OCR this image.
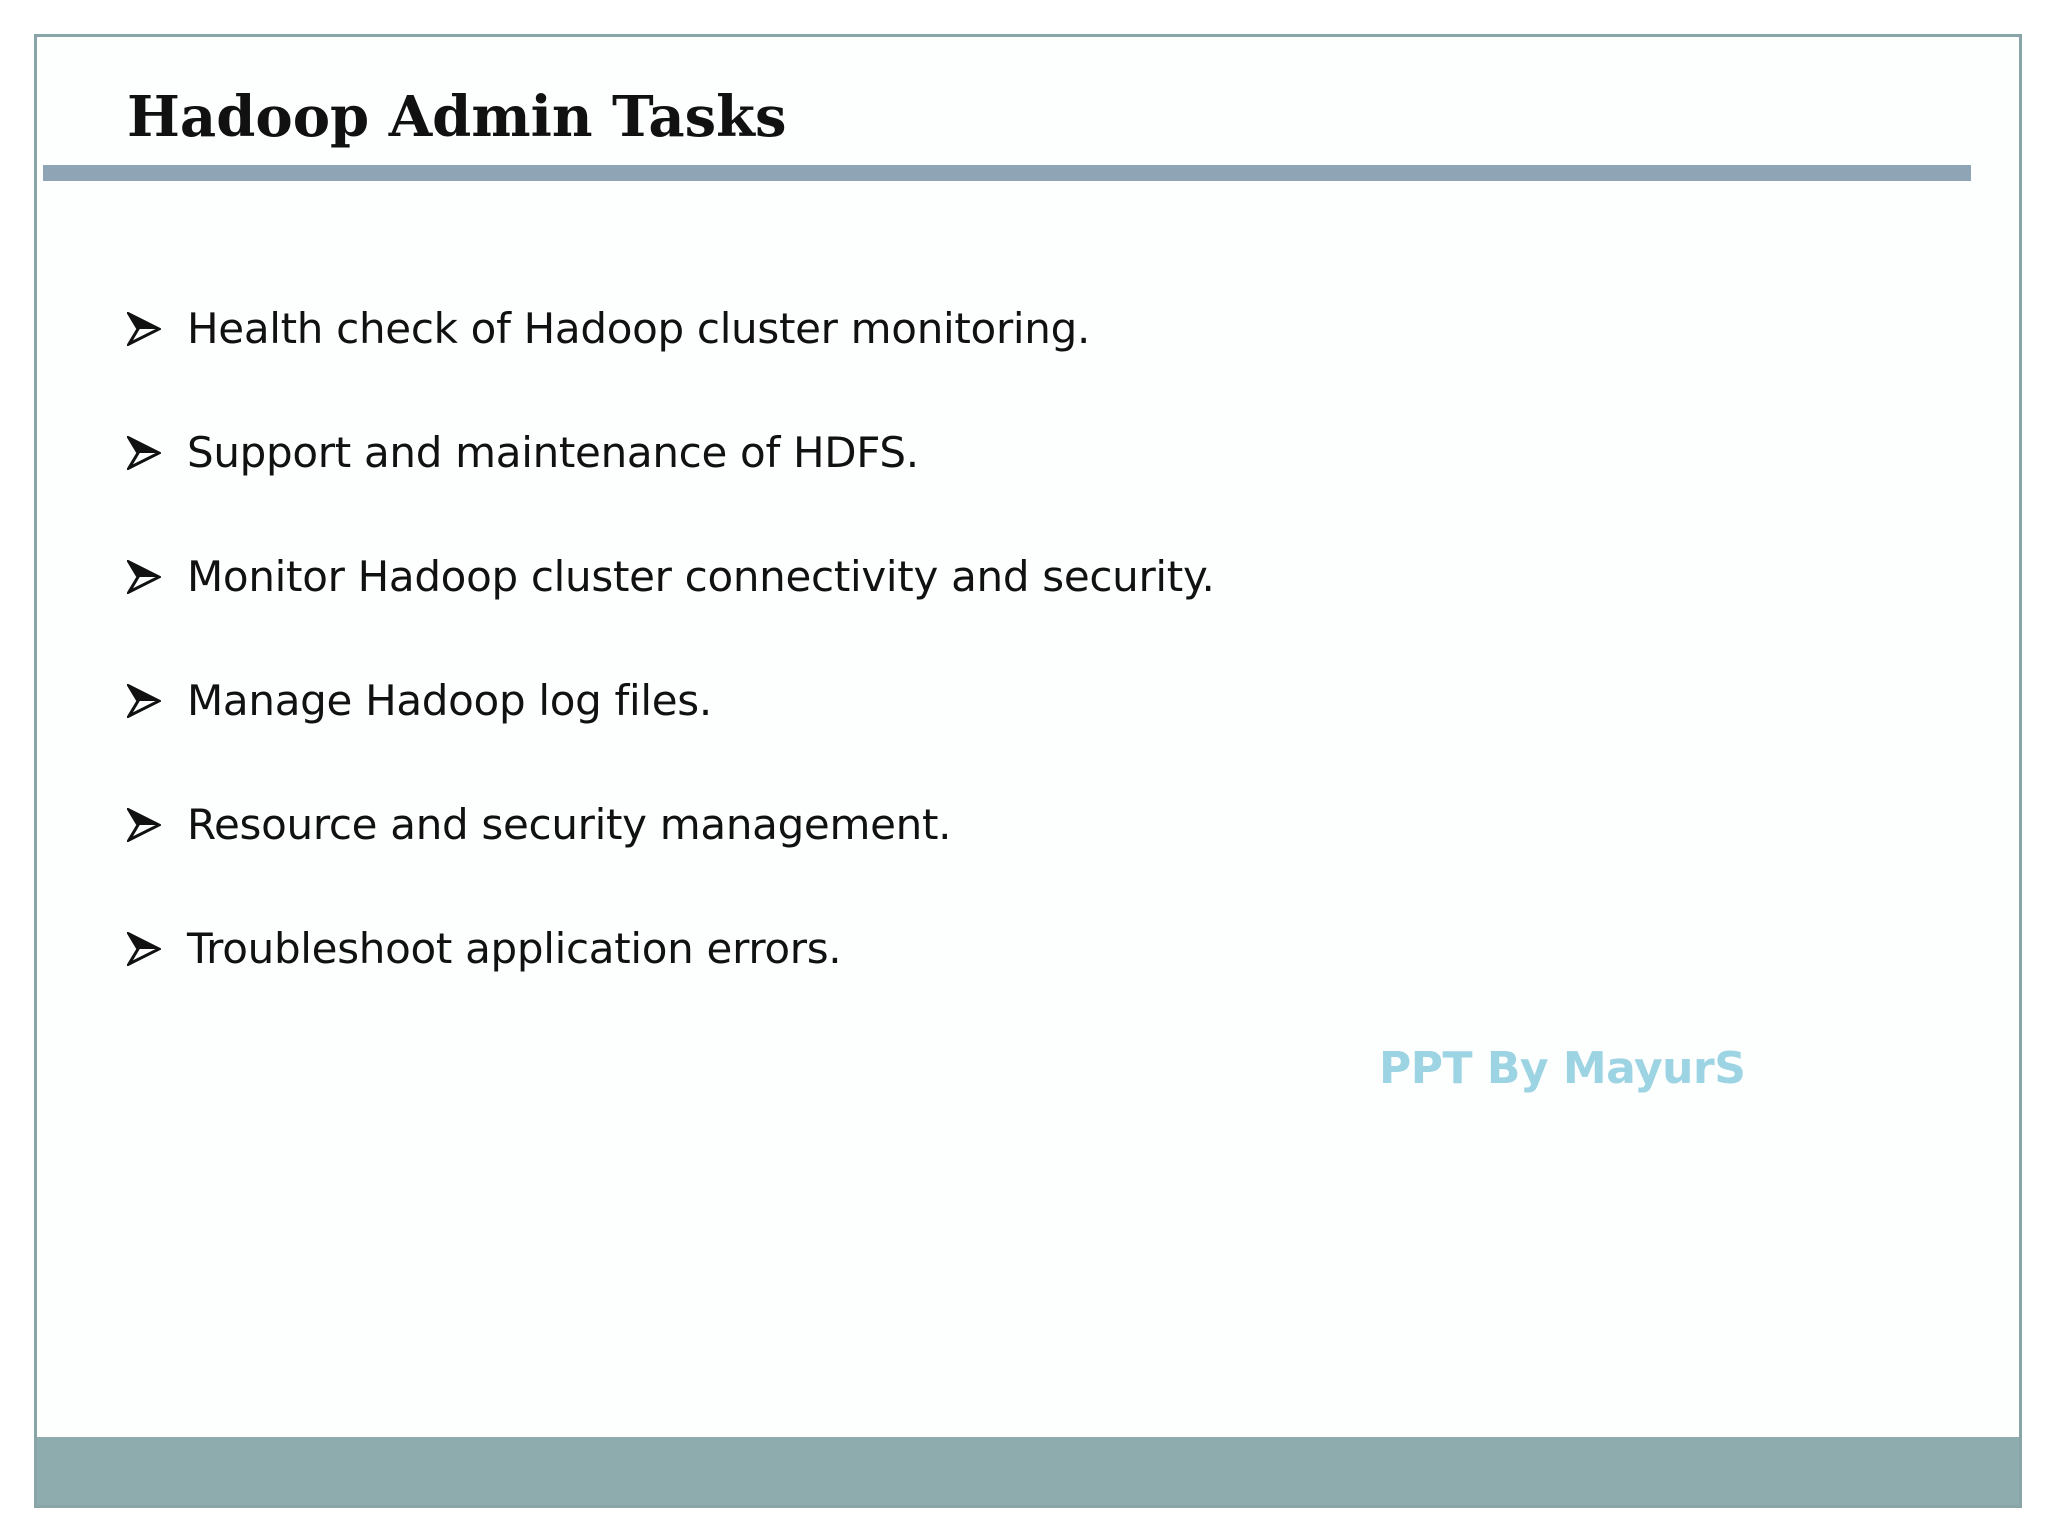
Hadoop Admin Tasks
Health check of Hadoop cluster monitoring.
Support and maintenance of HDFS.
Monitor Hadoop cluster connectivity and security.
Manage Hadoop log files.
Resource and security management.
Troubleshoot application errors.
PPT By MayurS
